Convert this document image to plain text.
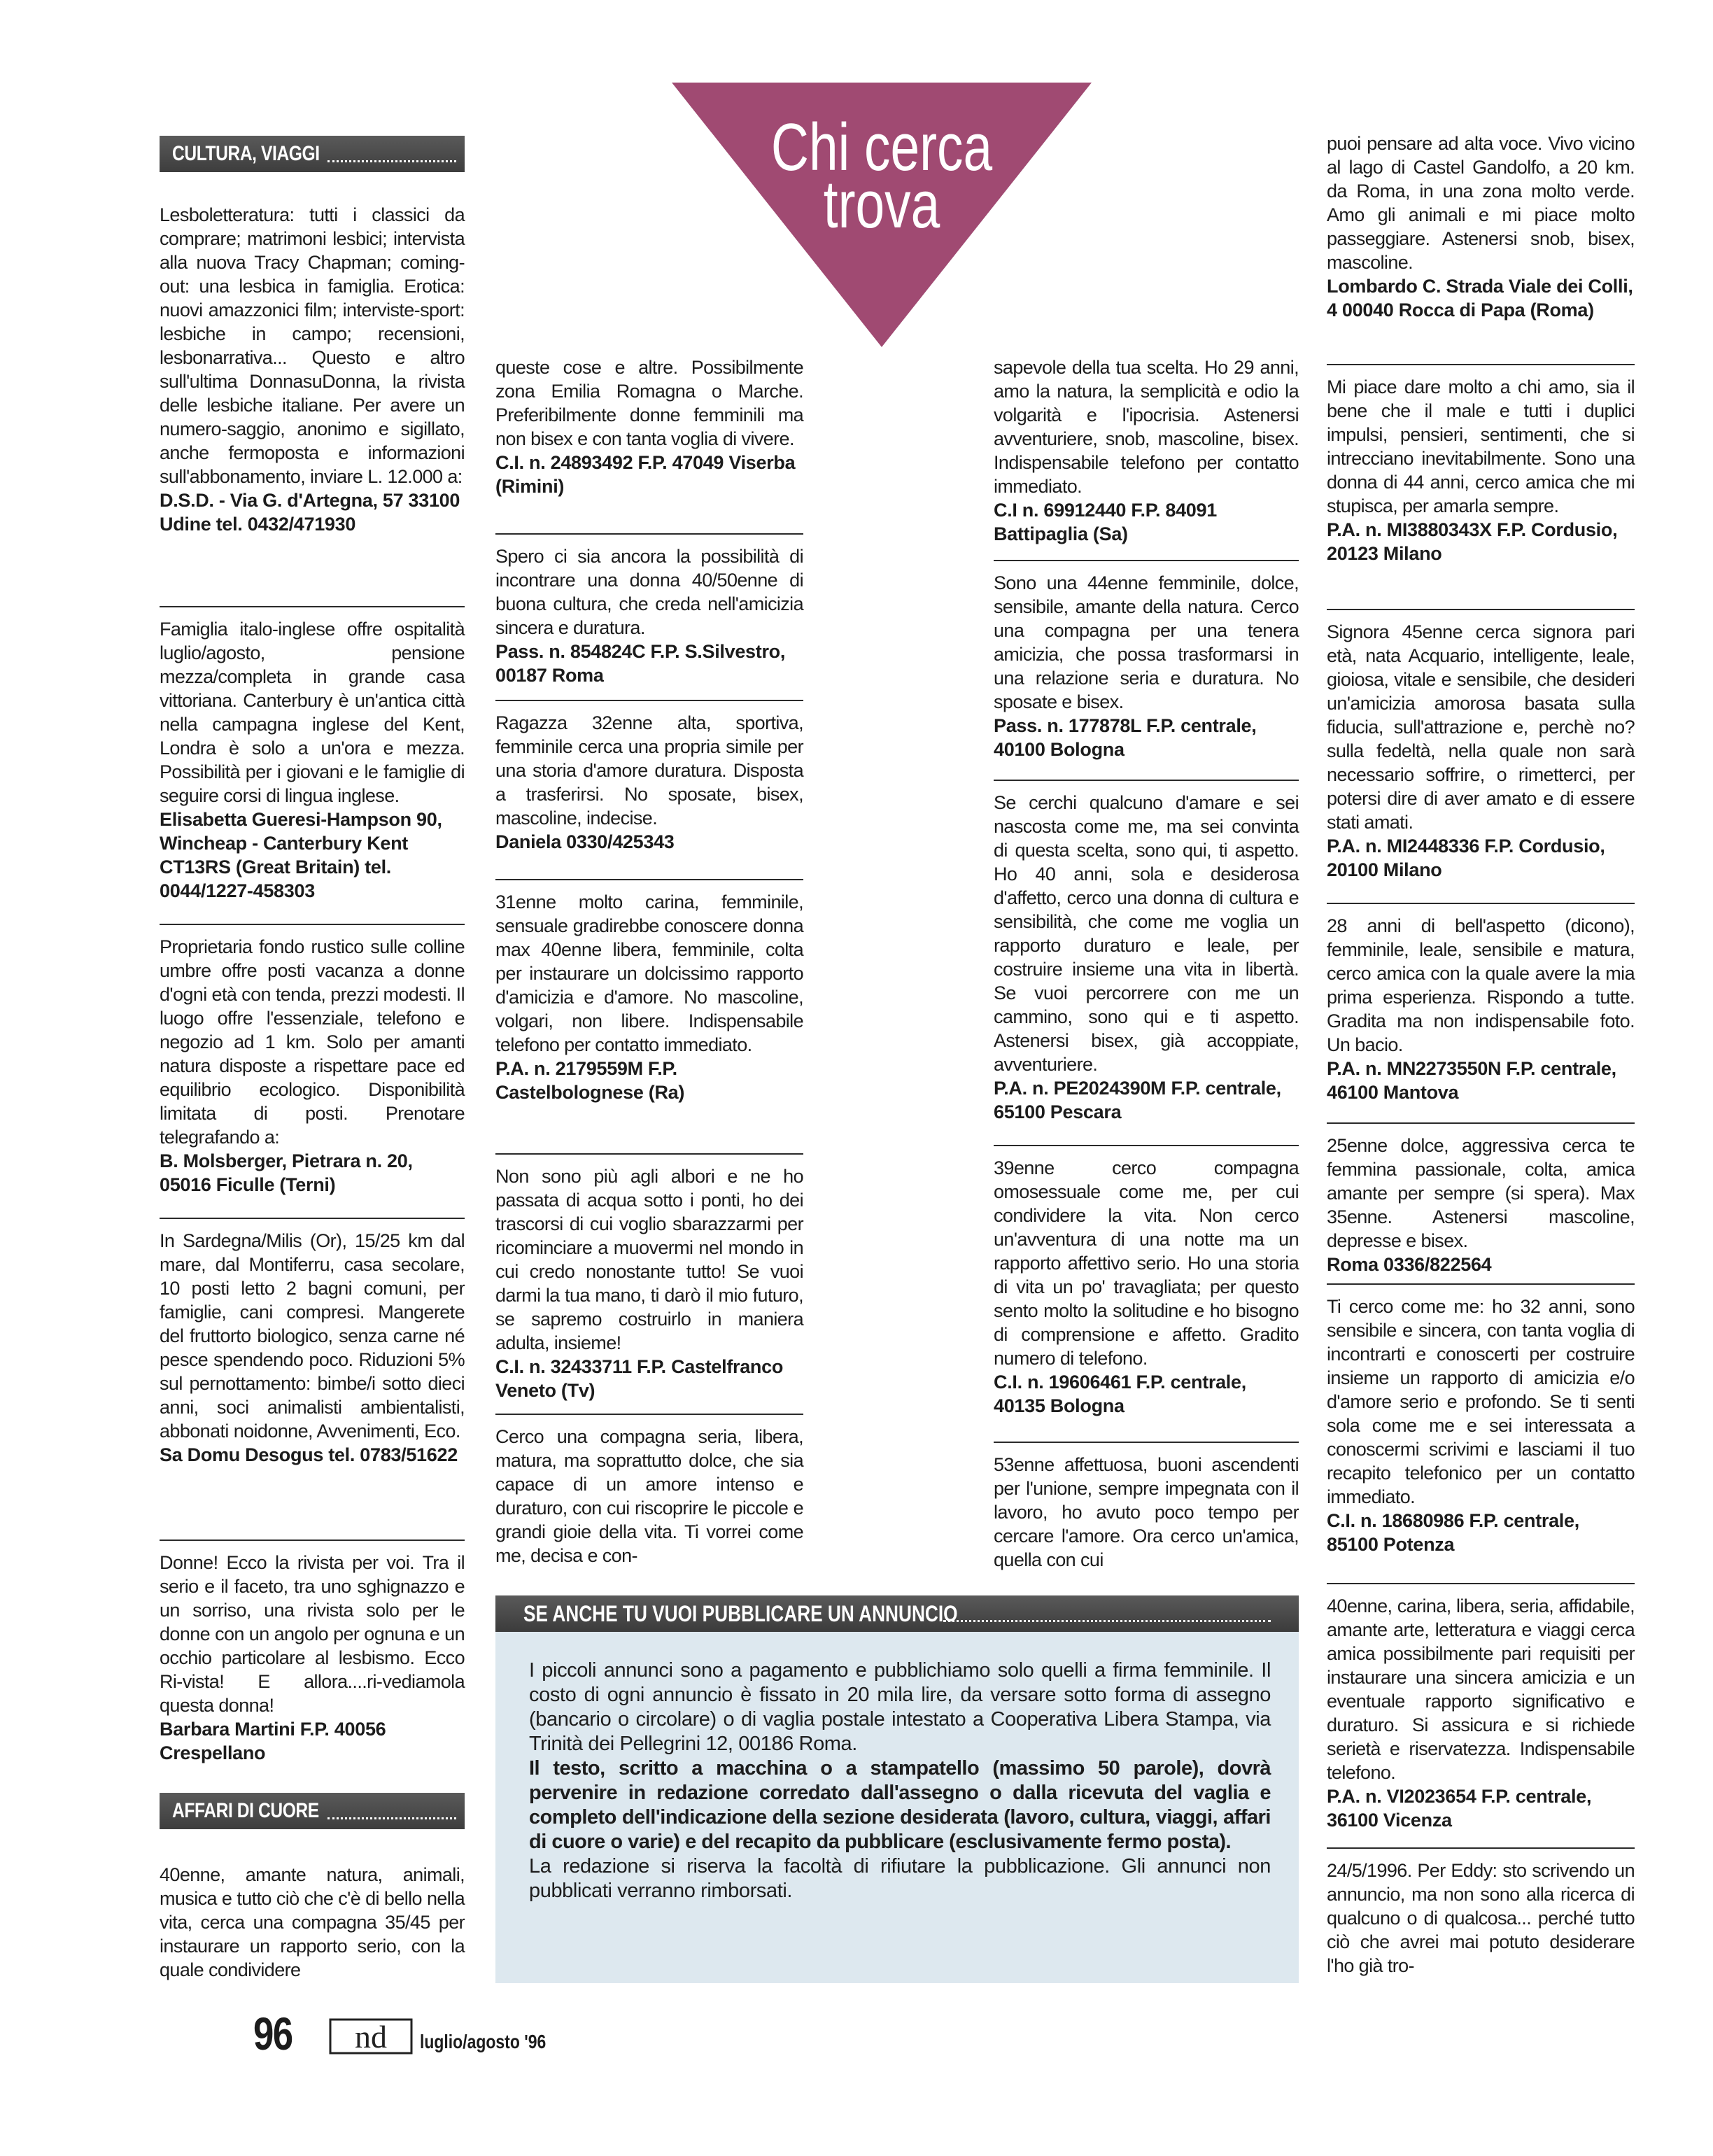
Chi cerca
trova
CULTURA, VIAGGI
Lesboletteratura: tutti i classici da comprare; matrimoni lesbici; intervista alla nuova Tracy Chapman; coming-out: una lesbica in famiglia. Erotica: nuovi amazzonici film; interviste-sport: lesbiche in campo; recensioni, lesbonarrativa... Questo e altro sull'ultima DonnasuDonna, la rivista delle lesbiche italiane. Per avere un numero-saggio, anonimo e sigillato, anche fermoposta e informazioni sull'abbonamento, inviare L. 12.000 a:
D.S.D. - Via G. d'Artegna, 57 33100 Udine tel. 0432/471930
Famiglia italo-inglese offre ospitalità luglio/agosto, pensione mezza/completa in grande casa vittoriana. Canterbury è un'antica città nella campagna inglese del Kent, Londra è solo a un'ora e mezza. Possibilità per i giovani e le famiglie di seguire corsi di lingua inglese.
Elisabetta Gueresi-Hampson 90, Wincheap - Canterbury Kent CT13RS (Great Britain) tel. 0044/1227-458303
Proprietaria fondo rustico sulle colline umbre offre posti vacanza a donne d'ogni età con tenda, prezzi modesti. Il luogo offre l'essenziale, telefono e negozio ad 1 km. Solo per amanti natura disposte a rispettare pace ed equilibrio ecologico. Disponibilità limitata di posti. Prenotare telegrafando a:
B. Molsberger, Pietrara n. 20, 05016 Ficulle (Terni)
In Sardegna/Milis (Or), 15/25 km dal mare, dal Montiferru, casa secolare, 10 posti letto 2 bagni comuni, per famiglie, cani compresi. Mangerete del fruttorto biologico, senza carne né pesce spendendo poco. Riduzioni 5% sul pernottamento: bimbe/i sotto dieci anni, soci animalisti ambientalisti, abbonati noidonne, Avvenimenti, Eco.
Sa Domu Desogus tel. 0783/51622
Donne! Ecco la rivista per voi. Tra il serio e il faceto, tra uno sghignazzo e un sorriso, una rivista solo per le donne con un angolo per ognuna e un occhio particolare al lesbismo. Ecco Ri-vista! E allora....ri-vediamola questa donna!
Barbara Martini F.P. 40056 Crespellano
AFFARI DI CUORE
40enne, amante natura, animali, musica e tutto ciò che c'è di bello nella vita, cerca una compagna 35/45 per instaurare un rapporto serio, con la quale condividere
queste cose e altre. Possibilmente zona Emilia Romagna o Marche. Preferibilmente donne femminili ma non bisex e con tanta voglia di vivere.
C.I. n. 24893492 F.P. 47049 Viserba (Rimini)
Spero ci sia ancora la possibilità di incontrare una donna 40/50enne di buona cultura, che creda nell'amicizia sincera e duratura.
Pass. n. 854824C F.P. S.Silvestro, 00187 Roma
Ragazza 32enne alta, sportiva, femminile cerca una propria simile per una storia d'amore duratura. Disposta a trasferirsi. No sposate, bisex, mascoline, indecise.
Daniela 0330/425343
31enne molto carina, femminile, sensuale gradirebbe conoscere donna max 40enne libera, femminile, colta per instaurare un dolcissimo rapporto d'amicizia e d'amore. No mascoline, volgari, non libere. Indispensabile telefono per contatto immediato.
P.A. n. 2179559M F.P. Castelbolognese (Ra)
Non sono più agli albori e ne ho passata di acqua sotto i ponti, ho dei trascorsi di cui voglio sbarazzarmi per ricominciare a muovermi nel mondo in cui credo nonostante tutto! Se vuoi darmi la tua mano, ti darò il mio futuro, se sapremo costruirlo in maniera adulta, insieme!
C.I. n. 32433711 F.P. Castelfranco Veneto (Tv)
Cerco una compagna seria, libera, matura, ma soprattutto dolce, che sia capace di un amore intenso e duraturo, con cui riscoprire le piccole e grandi gioie della vita. Ti vorrei come me, decisa e con-
sapevole della tua scelta. Ho 29 anni, amo la natura, la semplicità e odio la volgarità e l'ipocrisia. Astenersi avventuriere, snob, mascoline, bisex. Indispensabile telefono per contatto immediato.
C.I n. 69912440 F.P. 84091 Battipaglia (Sa)
Sono una 44enne femminile, dolce, sensibile, amante della natura. Cerco una compagna per una tenera amicizia, che possa trasformarsi in una relazione seria e duratura. No sposate e bisex.
Pass. n. 177878L F.P. centrale, 40100 Bologna
Se cerchi qualcuno d'amare e sei nascosta come me, ma sei convinta di questa scelta, sono qui, ti aspetto. Ho 40 anni, sola e desiderosa d'affetto, cerco una donna di cultura e sensibilità, che come me voglia un rapporto duraturo e leale, per costruire insieme una vita in libertà. Se vuoi percorrere con me un cammino, sono qui e ti aspetto. Astenersi bisex, già accoppiate, avventuriere.
P.A. n. PE2024390M F.P. centrale, 65100 Pescara
39enne cerco compagna omosessuale come me, per cui condividere la vita. Non cerco un'avventura di una notte ma un rapporto affettivo serio. Ho una storia di vita un po' travagliata; per questo sento molto la solitudine e ho bisogno di comprensione e affetto. Gradito numero di telefono.
C.I. n. 19606461 F.P. centrale, 40135 Bologna
53enne affettuosa, buoni ascendenti per l'unione, sempre impegnata con il lavoro, ho avuto poco tempo per cercare l'amore. Ora cerco un'amica, quella con cui
puoi pensare ad alta voce. Vivo vicino al lago di Castel Gandolfo, a 20 km. da Roma, in una zona molto verde. Amo gli animali e mi piace molto passeggiare. Astenersi snob, bisex, mascoline.
Lombardo C. Strada Viale dei Colli, 4 00040 Rocca di Papa (Roma)
Mi piace dare molto a chi amo, sia il bene che il male e tutti i duplici impulsi, pensieri, sentimenti, che si intrecciano inevitabilmente. Sono una donna di 44 anni, cerco amica che mi stupisca, per amarla sempre.
P.A. n. MI3880343X F.P. Cordusio, 20123 Milano
Signora 45enne cerca signora pari età, nata Acquario, intelligente, leale, gioiosa, vitale e sensibile, che desideri un'amicizia amorosa basata sulla fiducia, sull'attrazione e, perchè no? sulla fedeltà, nella quale non sarà necessario soffrire, o rimetterci, per potersi dire di aver amato e di essere stati amati.
P.A. n. MI2448336 F.P. Cordusio, 20100 Milano
28 anni di bell'aspetto (dicono), femminile, leale, sensibile e matura, cerco amica con la quale avere la mia prima esperienza. Rispondo a tutte. Gradita ma non indispensabile foto. Un bacio.
P.A. n. MN2273550N F.P. centrale, 46100 Mantova
25enne dolce, aggressiva cerca te femmina passionale, colta, amica amante per sempre (si spera). Max 35enne. Astenersi mascoline, depresse e bisex.
Roma 0336/822564
Ti cerco come me: ho 32 anni, sono sensibile e sincera, con tanta voglia di incontrarti e conoscerti per costruire insieme un rapporto di amicizia e/o d'amore serio e profondo. Se ti senti sola come me e sei interessata a conoscermi scrivimi e lasciami il tuo recapito telefonico per un contatto immediato.
C.I. n. 18680986 F.P. centrale, 85100 Potenza
40enne, carina, libera, seria, affidabile, amante arte, letteratura e viaggi cerca amica possibilmente pari requisiti per instaurare una sincera amicizia e un eventuale rapporto significativo e duraturo. Si assicura e si richiede serietà e riservatezza. Indispensabile telefono.
P.A. n. VI2023654 F.P. centrale, 36100 Vicenza
24/5/1996. Per Eddy: sto scrivendo un annuncio, ma non sono alla ricerca di qualcuno o di qualcosa... perché tutto ciò che avrei mai potuto desiderare l'ho già tro-
SE ANCHE TU VUOI PUBBLICARE UN ANNUNCIO
I piccoli annunci sono a pagamento e pubblichiamo solo quelli a firma femminile. Il costo di ogni annuncio è fissato in 20 mila lire, da versare sotto forma di assegno (bancario o circolare) o di vaglia postale intestato a Cooperativa Libera Stampa, via Trinità dei Pellegrini 12, 00186 Roma.
Il testo, scritto a macchina o a stampatello (massimo 50 parole), dovrà pervenire in redazione corredato dall'assegno o dalla ricevuta del vaglia e completo dell'indicazione della sezione desiderata (lavoro, cultura, viaggi, affari di cuore o varie) e del recapito da pubblicare (esclusivamente fermo posta).
La redazione si riserva la facoltà di rifiutare la pubblicazione. Gli annunci non pubblicati verranno rimborsati.
96 nd luglio/agosto '96
